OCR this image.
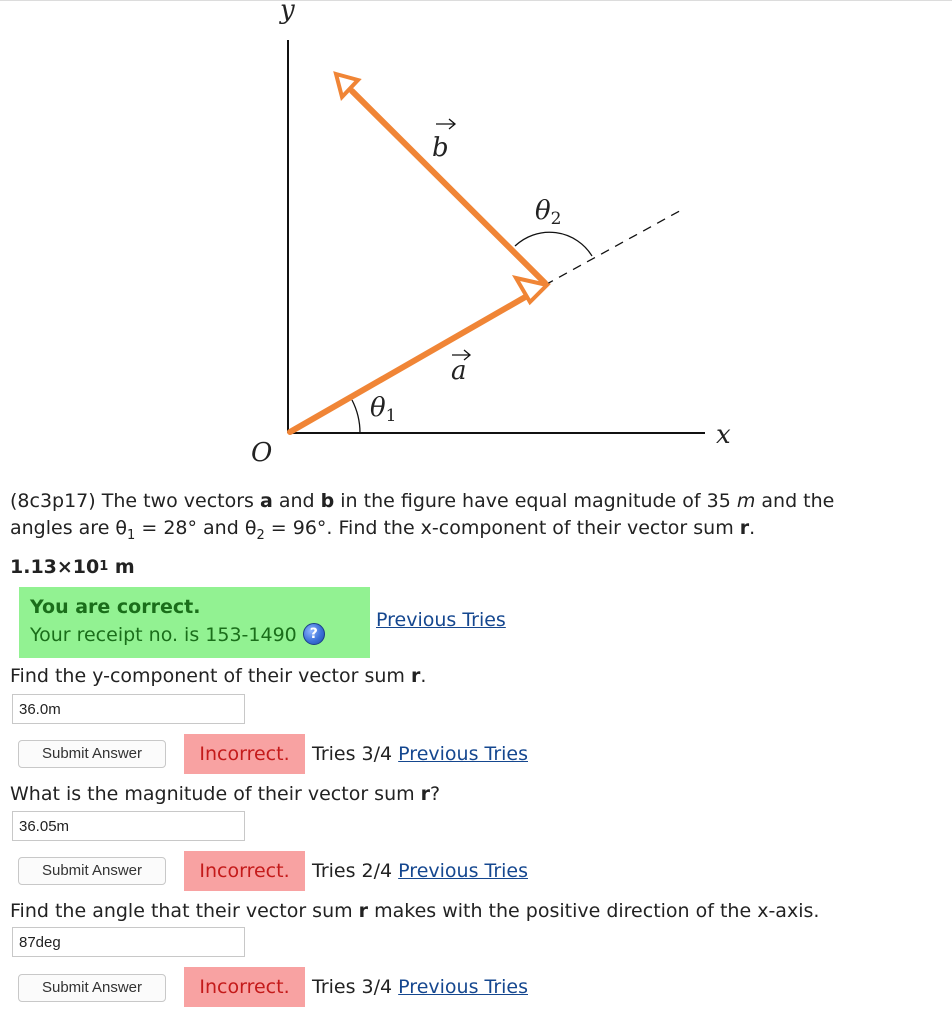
y
x
O
a
b
θ1
θ2
(8c3p17) The two vectors a and b in the figure have equal magnitude of 35 m and the
angles are $\theta_1 = 28^\circ$ and $\theta_2 = 96^\circ$. Find the x-component of their vector sum r.
$1.13\times 10^1$ m
You are correct.
Your receipt no. is 153-1490 ?
Previous Tries
Find the y-component of their vector sum r.
36.0m
Submit Answer	Incorrect.	Tries 3/4 Previous Tries
What is the magnitude of their vector sum r?
36.05m
Submit Answer	Incorrect.	Tries 2/4 Previous Tries
Find the angle that their vector sum r makes with the positive direction of the x-axis.
87deg
Submit Answer	Incorrect.	Tries 3/4 Previous Tries
